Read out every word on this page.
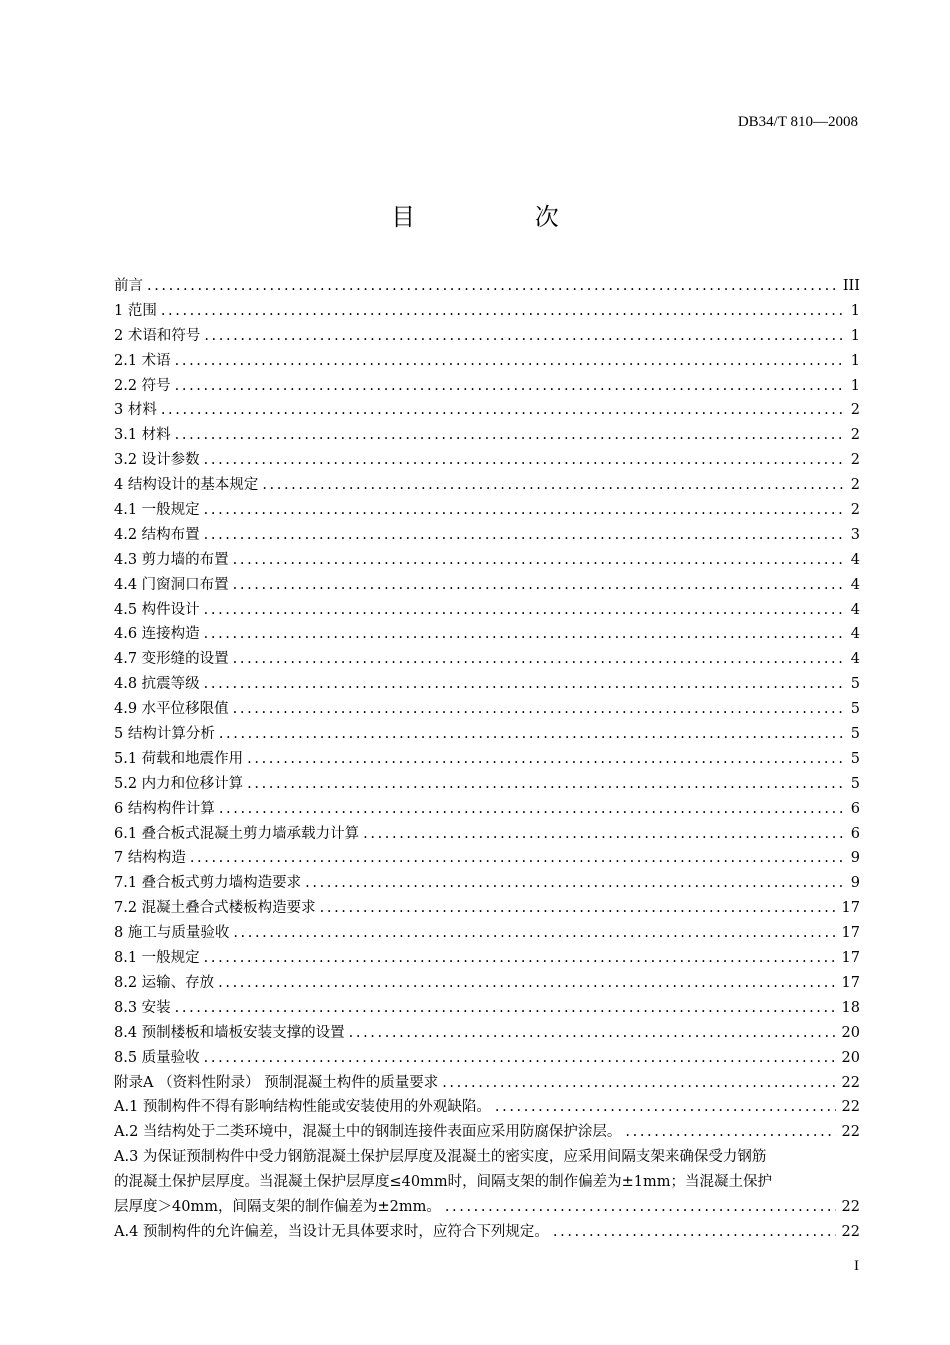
DB34/T 810—2008
目 次
前言 .....	III
1 范围 .....	1
2 术语和符号 .....	1
2.1 术语 .....	1
2.2 符号 .....	1
3 材料 .....	2
3.1 材料 .....	2
3.2 设计参数 .....	2
4 结构设计的基本规定 .....	2
4.1 一般规定 .....	2
4.2 结构布置 .....	3
4.3 剪力墙的布置 .....	4
4.4 门窗洞口布置 .....	4
4.5 构件设计 .....	4
4.6 连接构造 .....	4
4.7 变形缝的设置 .....	4
4.8 抗震等级 .....	5
4.9 水平位移限值 .....	5
5 结构计算分析 .....	5
5.1 荷载和地震作用 .....	5
5.2 内力和位移计算 .....	5
6 结构构件计算 .....	6
6.1 叠合板式混凝土剪力墙承载力计算 .....	6
7 结构构造 .....	9
7.1 叠合板式剪力墙构造要求 .....	9
7.2 混凝土叠合式楼板构造要求 .....	17
8 施工与质量验收 .....	17
8.1 一般规定 .....	17
8.2 运输、存放 .....	17
8.3 安装 .....	18
8.4 预制楼板和墙板安装支撑的设置 .....	20
8.5 质量验收 .....	20
附录A （资料性附录） 预制混凝土构件的质量要求 .....	22
A.1 预制构件不得有影响结构性能或安装使用的外观缺陷。 .....	22
A.2 当结构处于二类环境中，混凝土中的钢制连接件表面应采用防腐保护涂层。 .....	22
A.3 为保证预制构件中受力钢筋混凝土保护层厚度及混凝土的密实度，应采用间隔支架来确保受力钢筋
的混凝土保护层厚度。当混凝土保护层厚度≤40mm时，间隔支架的制作偏差为±1mm；当混凝土保护
层厚度＞40mm，间隔支架的制作偏差为±2mm。 .....	22
A.4 预制构件的允许偏差，当设计无具体要求时，应符合下列规定。 .....	22
I
